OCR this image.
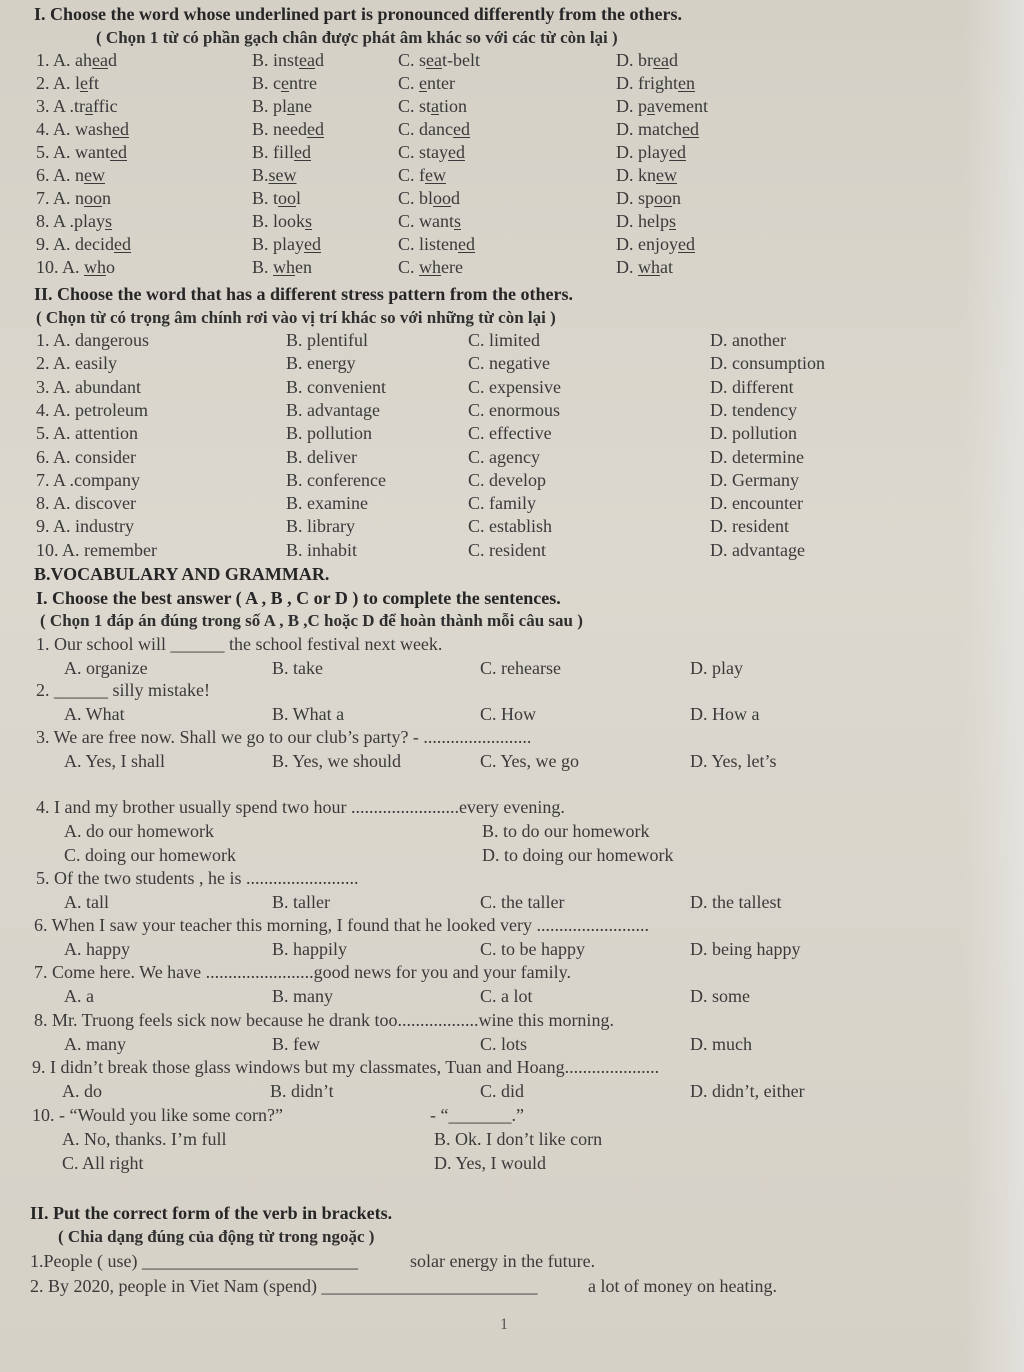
I. Choose the word whose underlined part is pronounced differently from the others.
( Chọn 1 từ có phần gạch chân được phát âm khác so với các từ còn lại )
1. A. ahead	B. instead	C. seat-belt	D. bread
2. A. left	B. centre	C. enter	D. frighten
3. A .traffic	B. plane	C. station	D. pavement
4. A. washed	B. needed	C. danced	D. matched
5. A. wanted	B. filled	C. stayed	D. played
6. A. new	B.sew	C. few	D. knew
7. A. noon	B. tool	C. blood	D. spoon
8. A .plays	B. looks	C. wants	D. helps
9. A. decided	B. played	C. listened	D. enjoyed
10. A. who	B. when	C. where	D. what
II. Choose the word that has a different stress pattern from the others.
( Chọn từ có trọng âm chính rơi vào vị trí khác so với những từ còn lại )
1. A. dangerous	B. plentiful	C. limited	D. another
2. A. easily	B. energy	C. negative	D. consumption
3. A. abundant	B. convenient	C. expensive	D. different
4. A. petroleum	B. advantage	C. enormous	D. tendency
5. A. attention	B. pollution	C. effective	D. pollution
6. A. consider	B. deliver	C. agency	D. determine
7. A .company	B. conference	C. develop	D. Germany
8. A. discover	B. examine	C. family	D. encounter
9. A. industry	B. library	C. establish	D. resident
10. A. remember	B. inhabit	C. resident	D. advantage
B.VOCABULARY AND GRAMMAR.
I. Choose the best answer ( A , B , C or D ) to complete the sentences.
( Chọn 1 đáp án đúng trong số A , B ,C hoặc D để hoàn thành mỗi câu sau )
1. Our school will ______ the school festival next week.
A. organize	B. take	C. rehearse	D. play
2. ______ silly mistake!
A. What	B. What a	C. How	D. How a
3. We are free now. Shall we go to our club’s party? - ........................
A. Yes, I shall	B. Yes, we should	C. Yes, we go	D. Yes, let’s
4. I and my brother usually spend two hour ........................every evening.
A. do our homework	B. to do our homework
C. doing our homework	D. to doing our homework
5. Of the two students , he is .........................
A. tall	B. taller	C. the taller	D. the tallest
6. When I saw your teacher this morning, I found that he looked very .........................
A. happy	B. happily	C. to be happy	D. being happy
7. Come here. We have ........................good news for you and your family.
A. a	B. many	C. a lot	D. some
8. Mr. Truong feels sick now because he drank too..................wine this morning.
A. many	B. few	C. lots	D. much
9. I didn’t break those glass windows but my classmates, Tuan and Hoang.....................
A. do	B. didn’t	C. did	D. didn’t, either
10. - “Would you like some corn?”	- “_______.”
A. No, thanks. I’m full	B. Ok. I don’t like corn
C. All right	D. Yes, I would
II. Put the correct form of the verb in brackets.
( Chia dạng đúng của động từ trong ngoặc )
1.People ( use) ________________________	solar energy in the future.
2. By 2020, people in Viet Nam (spend) ________________________	a lot of money on heating.
1
